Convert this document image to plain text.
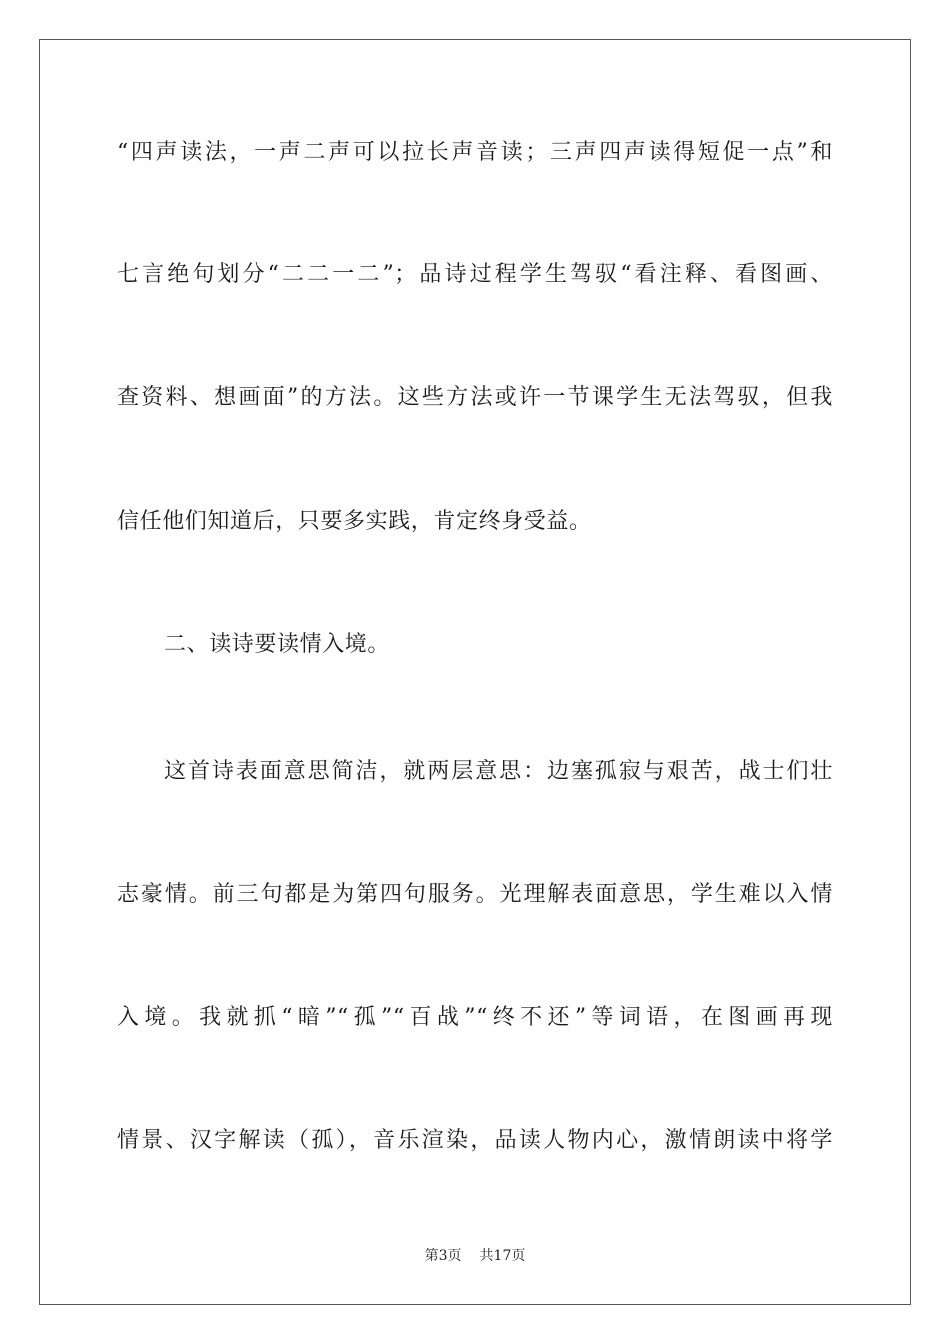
“四声读法，一声二声可以拉长声音读；三声四声读得短促一点”和
七言绝句划分“二二一二”；品诗过程学生驾驭“看注释、看图画、
查资料、想画面”的方法。这些方法或许一节课学生无法驾驭，但我
信任他们知道后，只要多实践，肯定终身受益。
二、读诗要读情入境。
这首诗表面意思简洁，就两层意思：边塞孤寂与艰苦，战士们壮
志豪情。前三句都是为第四句服务。光理解表面意思，学生难以入情
入境。我就抓“暗”“孤”“百战”“终不还”等词语，在图画再现
情景、汉字解读（孤），音乐渲染，品读人物内心，激情朗读中将学
第3页 共17页
